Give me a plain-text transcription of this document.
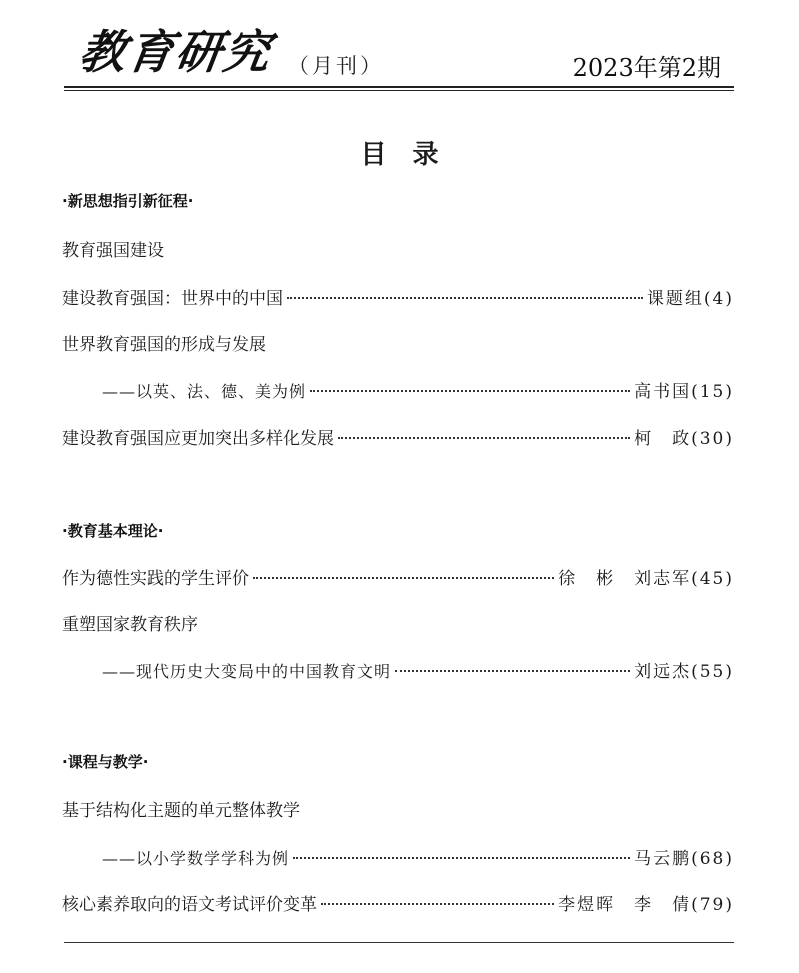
教育研究 （月刊）	2023年第2期
目录
·新思想指引新征程·
教育强国建设
建设教育强国：世界中的中国	课题组(4)
世界教育强国的形成与发展
——以英、法、德、美为例	高书国(15)
建设教育强国应更加突出多样化发展	柯　政(30)
·教育基本理论·
作为德性实践的学生评价	徐　彬　刘志军(45)
重塑国家教育秩序
——现代历史大变局中的中国教育文明	刘远杰(55)
·课程与教学·
基于结构化主题的单元整体教学
——以小学数学学科为例	马云鹏(68)
核心素养取向的语文考试评价变革	李煜晖　李　倩(79)
